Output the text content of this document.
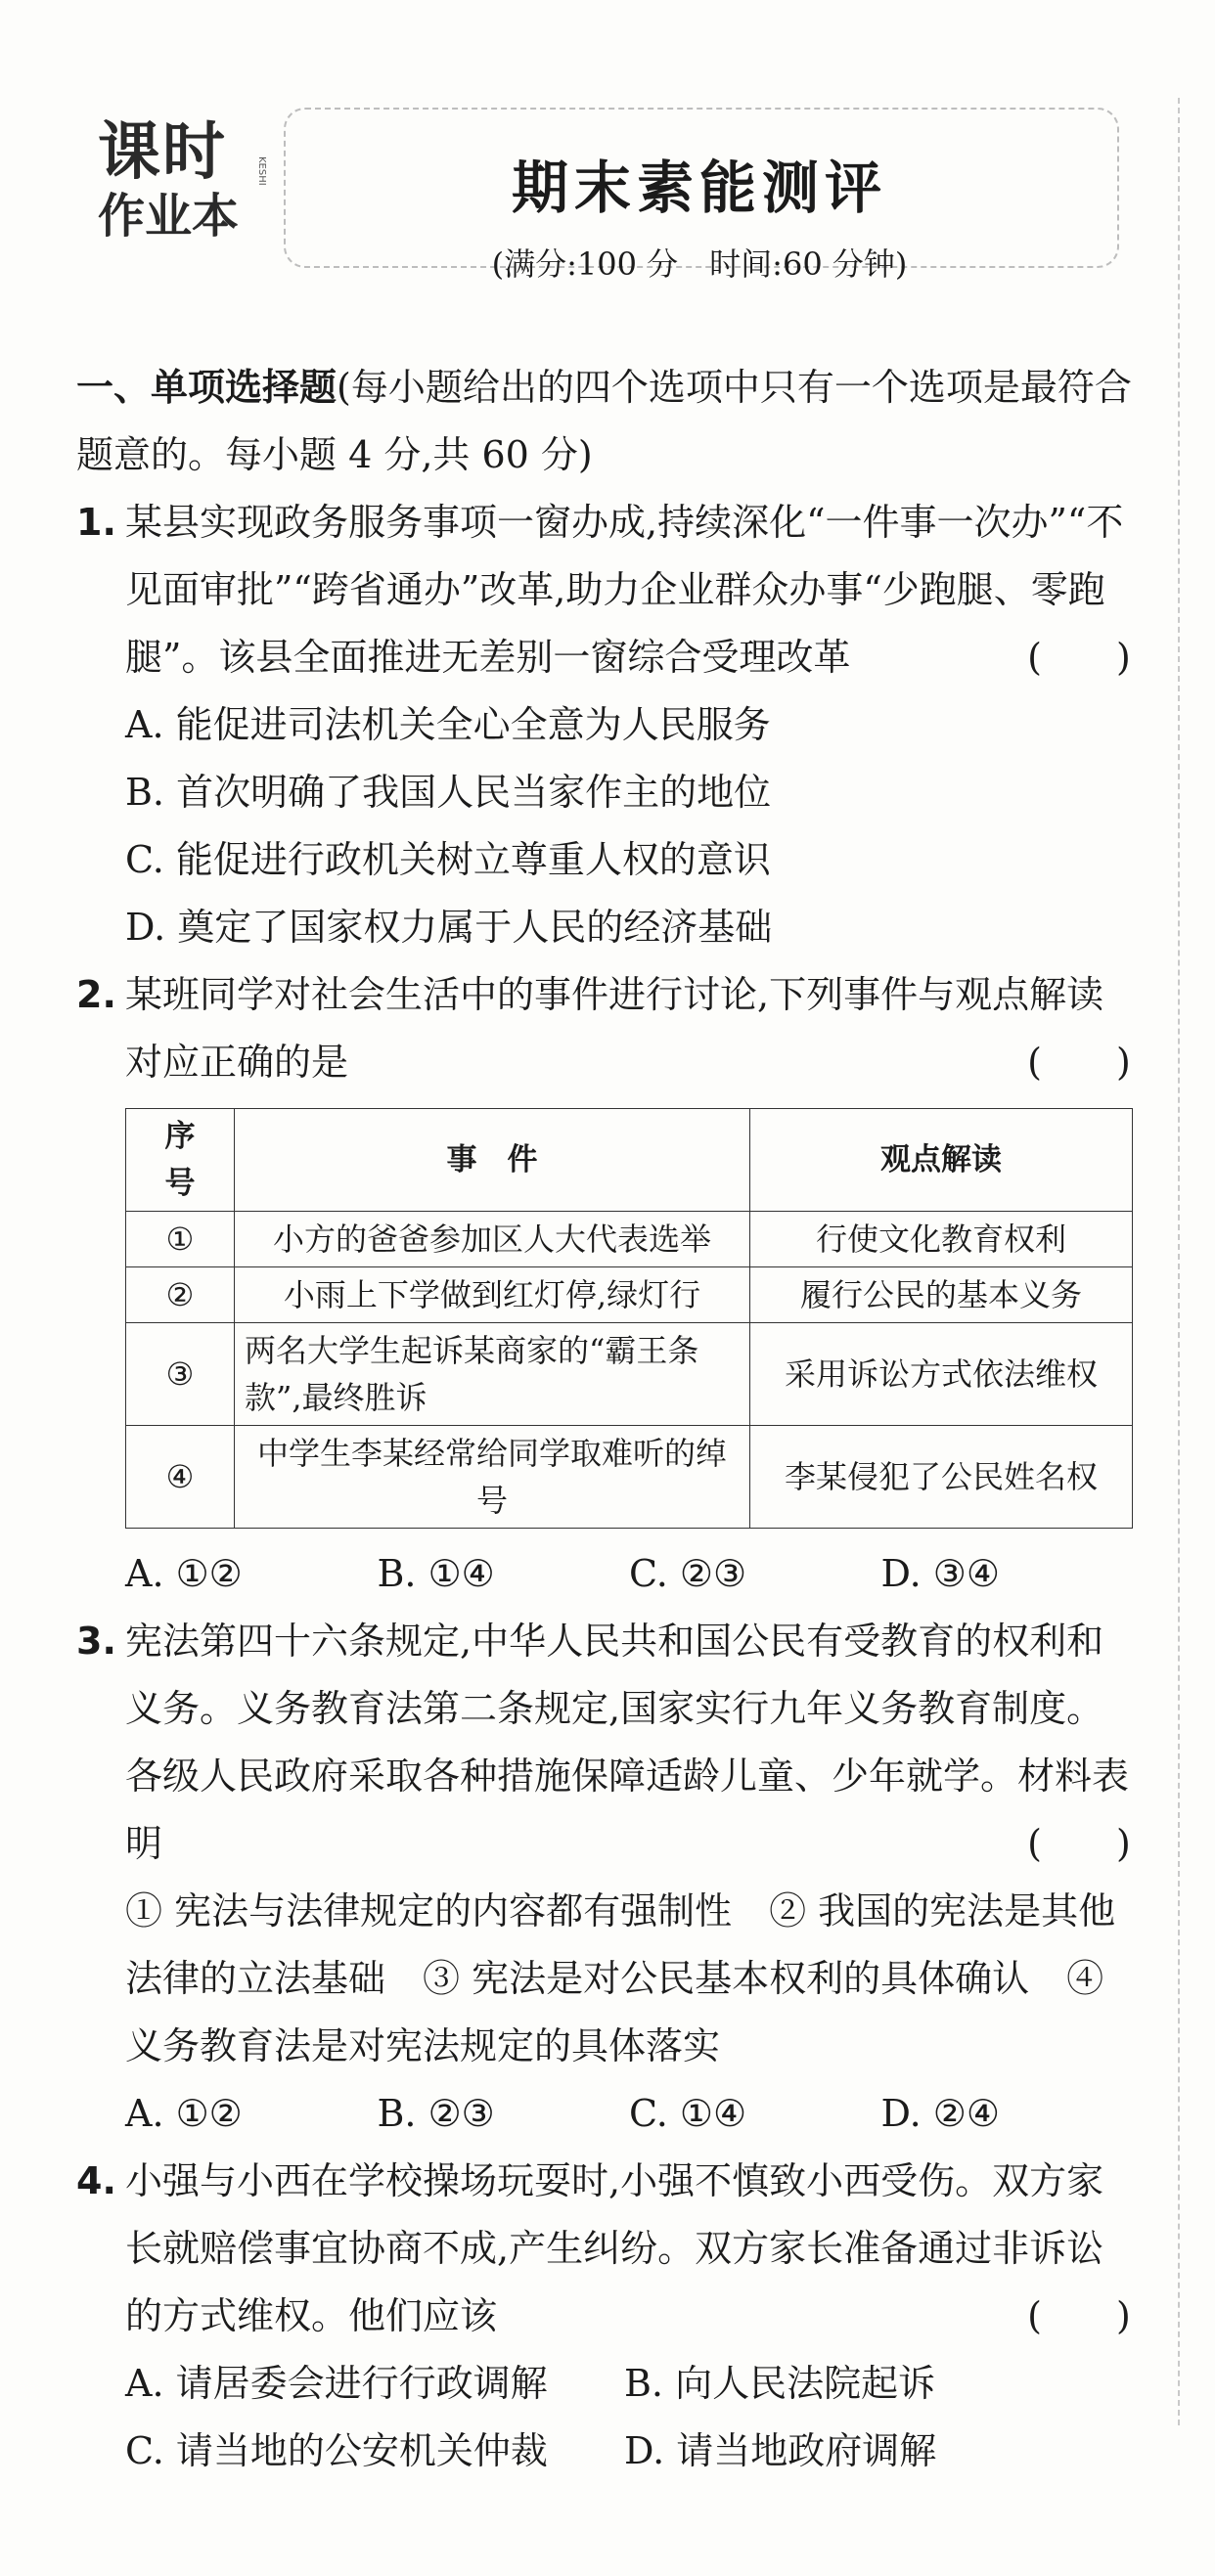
课时
作业本
KESHI	期末素能测评
(满分:100 分　时间:60 分钟)

一、单项选择题(每小题给出的四个选项中只有一个选项是最符合题意的。每小题 4 分,共 60 分)

1. 某县实现政务服务事项一窗办成,持续深化“一件事一次办”“不见面审批”“跨省通办”改革,助力企业群众办事“少跑腿、零跑腿”。该县全面推进无差别一窗综合受理改革	(　　)
A. 能促进司法机关全心全意为人民服务
B. 首次明确了我国人民当家作主的地位
C. 能促进行政机关树立尊重人权的意识
D. 奠定了国家权力属于人民的经济基础
2. 某班同学对社会生活中的事件进行讨论,下列事件与观点解读对应正确的是	(　　)
序　号	事　件	观点解读
①	小方的爸爸参加区人大代表选举	行使文化教育权利
②	小雨上下学做到红灯停,绿灯行	履行公民的基本义务
③	两名大学生起诉某商家的“霸王条款”,最终胜诉	采用诉讼方式依法维权
④	中学生李某经常给同学取难听的绰号	李某侵犯了公民姓名权
A. ①②	B. ①④	C. ②③	D. ③④
3. 宪法第四十六条规定,中华人民共和国公民有受教育的权利和义务。义务教育法第二条规定,国家实行九年义务教育制度。各级人民政府采取各种措施保障适龄儿童、少年就学。材料表明	(　　)
① 宪法与法律规定的内容都有强制性　② 我国的宪法是其他法律的立法基础　③ 宪法是对公民基本权利的具体确认　④ 义务教育法是对宪法规定的具体落实
A. ①②	B. ②③	C. ①④	D. ②④
4. 小强与小西在学校操场玩耍时,小强不慎致小西受伤。双方家长就赔偿事宜协商不成,产生纠纷。双方家长准备通过非诉讼的方式维权。他们应该	(　　)
A. 请居委会进行行政调解	B. 向人民法院起诉
C. 请当地的公安机关仲裁	D. 请当地政府调解
